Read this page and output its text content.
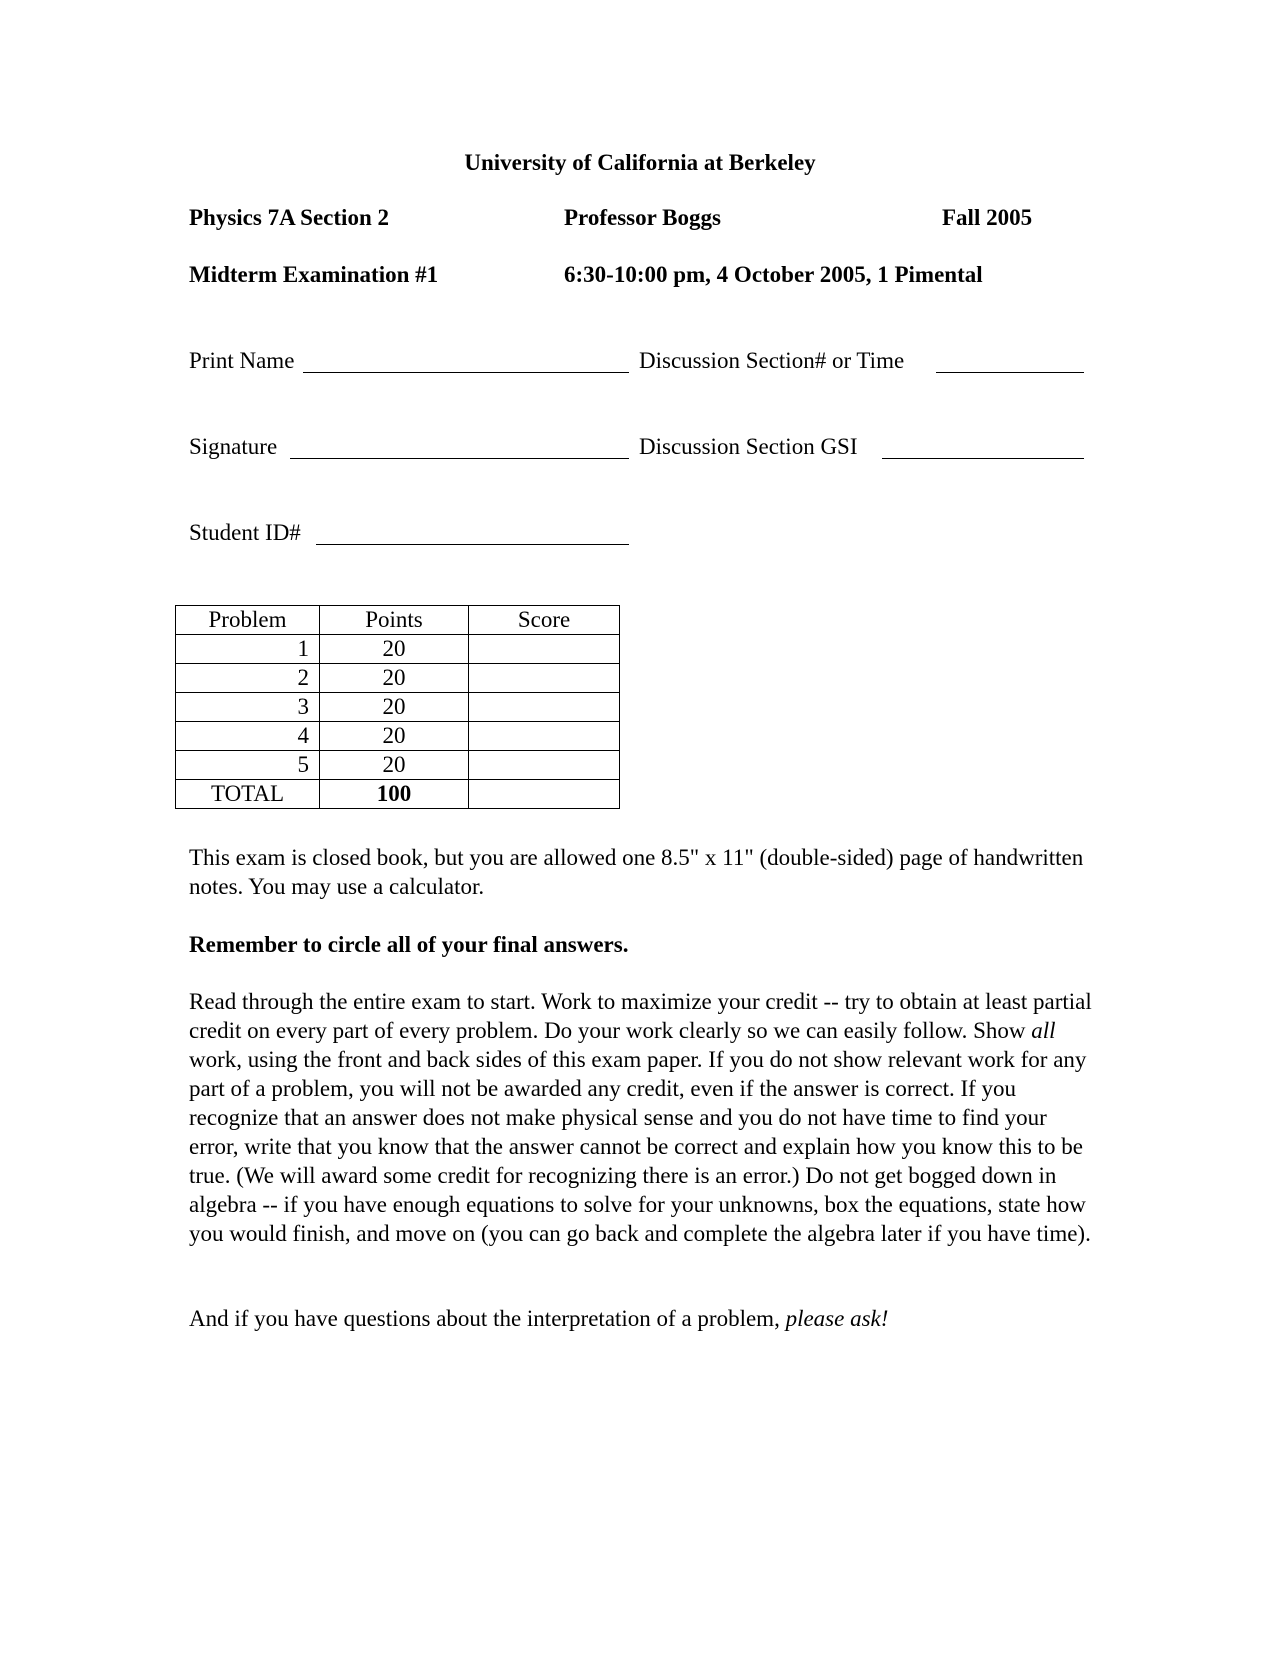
University of California at Berkeley
Physics 7A Section 2	Professor Boggs	Fall 2005
Midterm Examination #1	6:30-10:00 pm, 4 October 2005, 1 Pimental
Print Name	Discussion Section# or Time
Signature	Discussion Section GSI
Student ID#
Problem	Points	Score
1	20	
2	20	
3	20	
4	20	
5	20	
TOTAL	100	
This exam is closed book, but you are allowed one 8.5" x 11" (double-sided) page of handwritten notes. You may use a calculator.
Remember to circle all of your final answers.
Read through the entire exam to start. Work to maximize your credit -- try to obtain at least partial credit on every part of every problem. Do your work clearly so we can easily follow. Show all work, using the front and back sides of this exam paper. If you do not show relevant work for any part of a problem, you will not be awarded any credit, even if the answer is correct. If you recognize that an answer does not make physical sense and you do not have time to find your error, write that you know that the answer cannot be correct and explain how you know this to be true. (We will award some credit for recognizing there is an error.) Do not get bogged down in algebra -- if you have enough equations to solve for your unknowns, box the equations, state how you would finish, and move on (you can go back and complete the algebra later if you have time).
And if you have questions about the interpretation of a problem, please ask!
